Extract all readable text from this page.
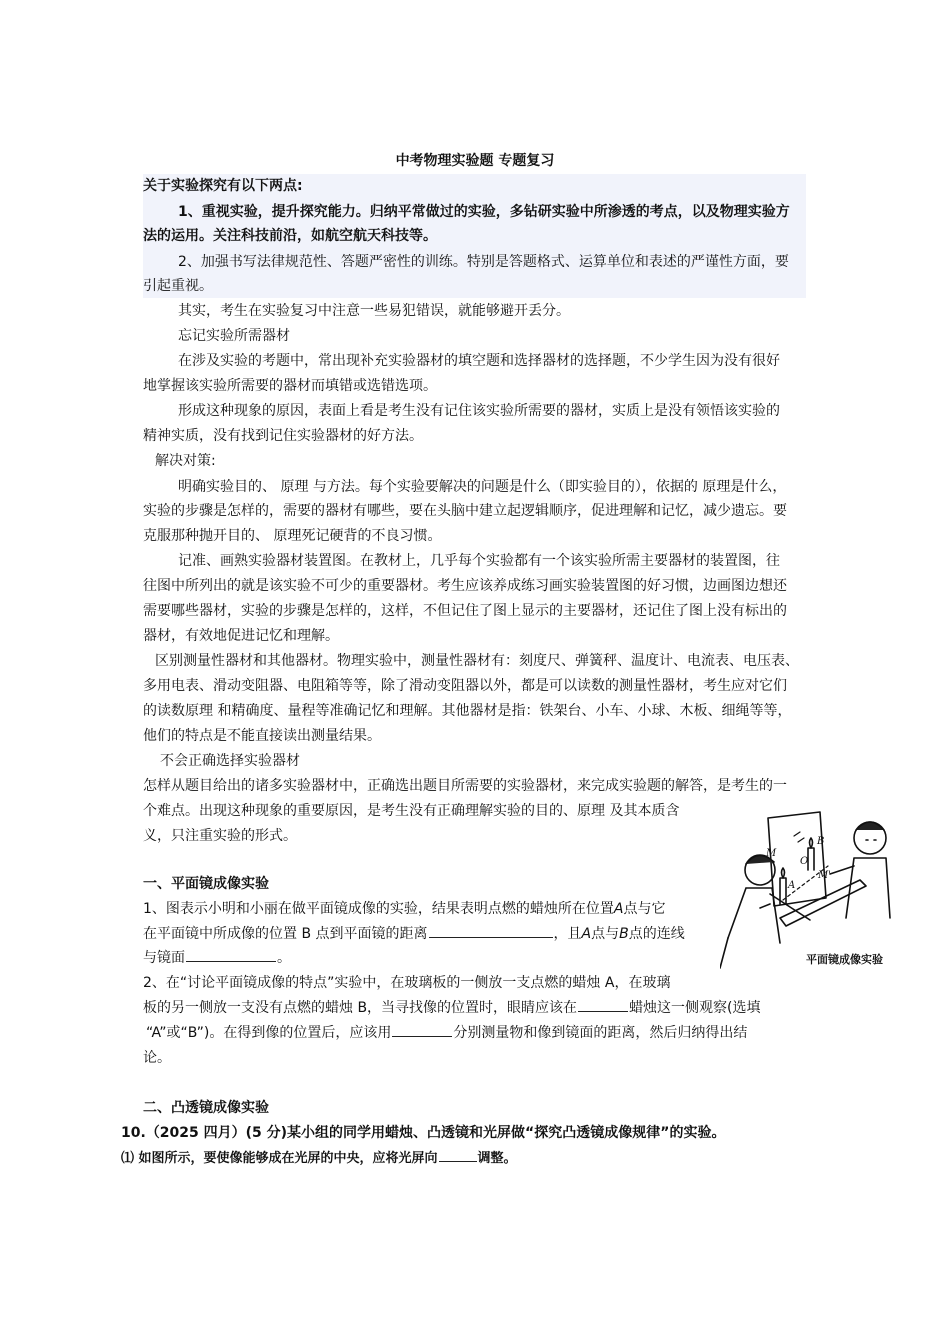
中考物理实验题 专题复习
关于实验探究有以下两点:
1、重视实验，提升探究能力。归纳平常做过的实验，多钻研实验中所渗透的考点，以及物理实验方
法的运用。关注科技前沿，如航空航天科技等。
2、加强书写法律规范性、答题严密性的训练。特别是答题格式、运算单位和表述的严谨性方面，要
引起重视。
其实，考生在实验复习中注意一些易犯错误，就能够避开丢分。
忘记实验所需器材
在涉及实验的考题中，常出现补充实验器材的填空题和选择器材的选择题，不少学生因为没有很好
地掌握该实验所需要的器材而填错或选错选项。
形成这种现象的原因，表面上看是考生没有记住该实验所需要的器材，实质上是没有领悟该实验的
精神实质，没有找到记住实验器材的好方法。
解决对策:
明确实验目的、 原理 与方法。每个实验要解决的问题是什么（即实验目的），依据的 原理是什么，
实验的步骤是怎样的，需要的器材有哪些，要在头脑中建立起逻辑顺序，促进理解和记忆，减少遗忘。要
克服那种抛开目的、 原理死记硬背的不良习惯。
记准、画熟实验器材装置图。在教材上，几乎每个实验都有一个该实验所需主要器材的装置图，往
往图中所列出的就是该实验不可少的重要器材。考生应该养成练习画实验装置图的好习惯，边画图边想还
需要哪些器材，实验的步骤是怎样的，这样，不但记住了图上显示的主要器材，还记住了图上没有标出的
器材，有效地促进记忆和理解。
区别测量性器材和其他器材。物理实验中，测量性器材有：刻度尺、弹簧秤、温度计、电流表、电压表、
多用电表、滑动变阻器、电阻箱等等，除了滑动变阻器以外，都是可以读数的测量性器材，考生应对它们
的读数原理 和精确度、量程等准确记忆和理解。其他器材是指：铁架台、小车、小球、木板、细绳等等，
他们的特点是不能直接读出测量结果。
不会正确选择实验器材
怎样从题目给出的诸多实验器材中，正确选出题目所需要的实验器材，来完成实验题的解答，是考生的一
个难点。出现这种现象的重要原因，是考生没有正确理解实验的目的、原理 及其本质含
义，只注重实验的形式。
一、平面镜成像实验
1、图表示小明和小丽在做平面镜成像的实验，结果表明点燃的蜡烛所在位置A点与它
在平面镜中所成像的位置 B 点到平面镜的距离	，且A点与B点的连线
与镜面	。
2、在“讨论平面镜成像的特点”实验中，在玻璃板的一侧放一支点燃的蜡烛 A，在玻璃
板的另一侧放一支没有点燃的蜡烛 B，当寻找像的位置时，眼睛应该在	蜡烛这一侧观察(选填
“A”或“B”)。在得到像的位置后，应该用	分别测量物和像到镜面的距离，然后归纳得出结
论。
二、凸透镜成像实验
10.（2025 四月）(5 分)某小组的同学用蜡烛、凸透镜和光屏做“探究凸透镜成像规律”的实验。
⑴ 如图所示，要使像能够成在光屏的中央，应将光屏向	调整。
M
M'
B
A
O
平面镜成像实验
